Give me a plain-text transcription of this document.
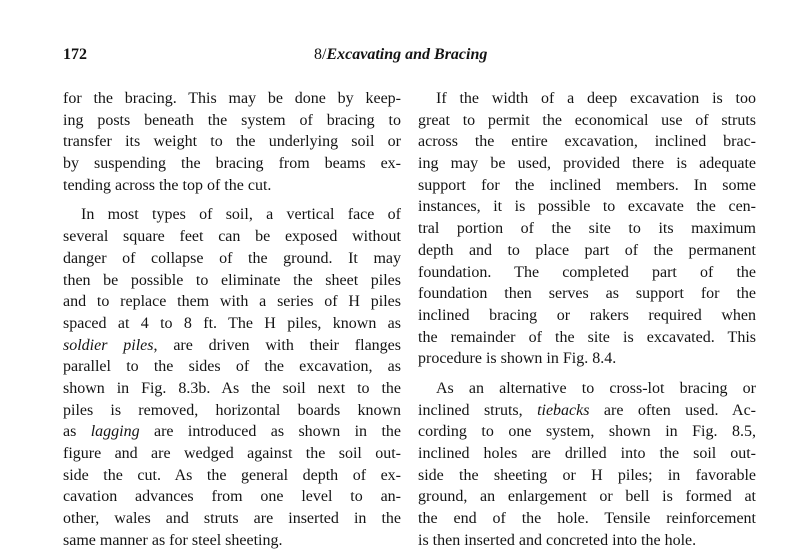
172	8/Excavating and Bracing
for the bracing. This may be done by keep-
ing posts beneath the system of bracing to
transfer its weight to the underlying soil or
by suspending the bracing from beams ex-
tending across the top of the cut.
In most types of soil, a vertical face of
several square feet can be exposed without
danger of collapse of the ground. It may
then be possible to eliminate the sheet piles
and to replace them with a series of H piles
spaced at 4 to 8 ft. The H piles, known as
soldier piles, are driven with their flanges
parallel to the sides of the excavation, as
shown in Fig. 8.3b. As the soil next to the
piles is removed, horizontal boards known
as lagging are introduced as shown in the
figure and are wedged against the soil out-
side the cut. As the general depth of ex-
cavation advances from one level to an-
other, wales and struts are inserted in the
same manner as for steel sheeting.
If the width of a deep excavation is too
great to permit the economical use of struts
across the entire excavation, inclined brac-
ing may be used, provided there is adequate
support for the inclined members. In some
instances, it is possible to excavate the cen-
tral portion of the site to its maximum
depth and to place part of the permanent
foundation. The completed part of the
foundation then serves as support for the
inclined bracing or rakers required when
the remainder of the site is excavated. This
procedure is shown in Fig. 8.4.
As an alternative to cross-lot bracing or
inclined struts, tiebacks are often used. Ac-
cording to one system, shown in Fig. 8.5,
inclined holes are drilled into the soil out-
side the sheeting or H piles; in favorable
ground, an enlargement or bell is formed at
the end of the hole. Tensile reinforcement
is then inserted and concreted into the hole.
